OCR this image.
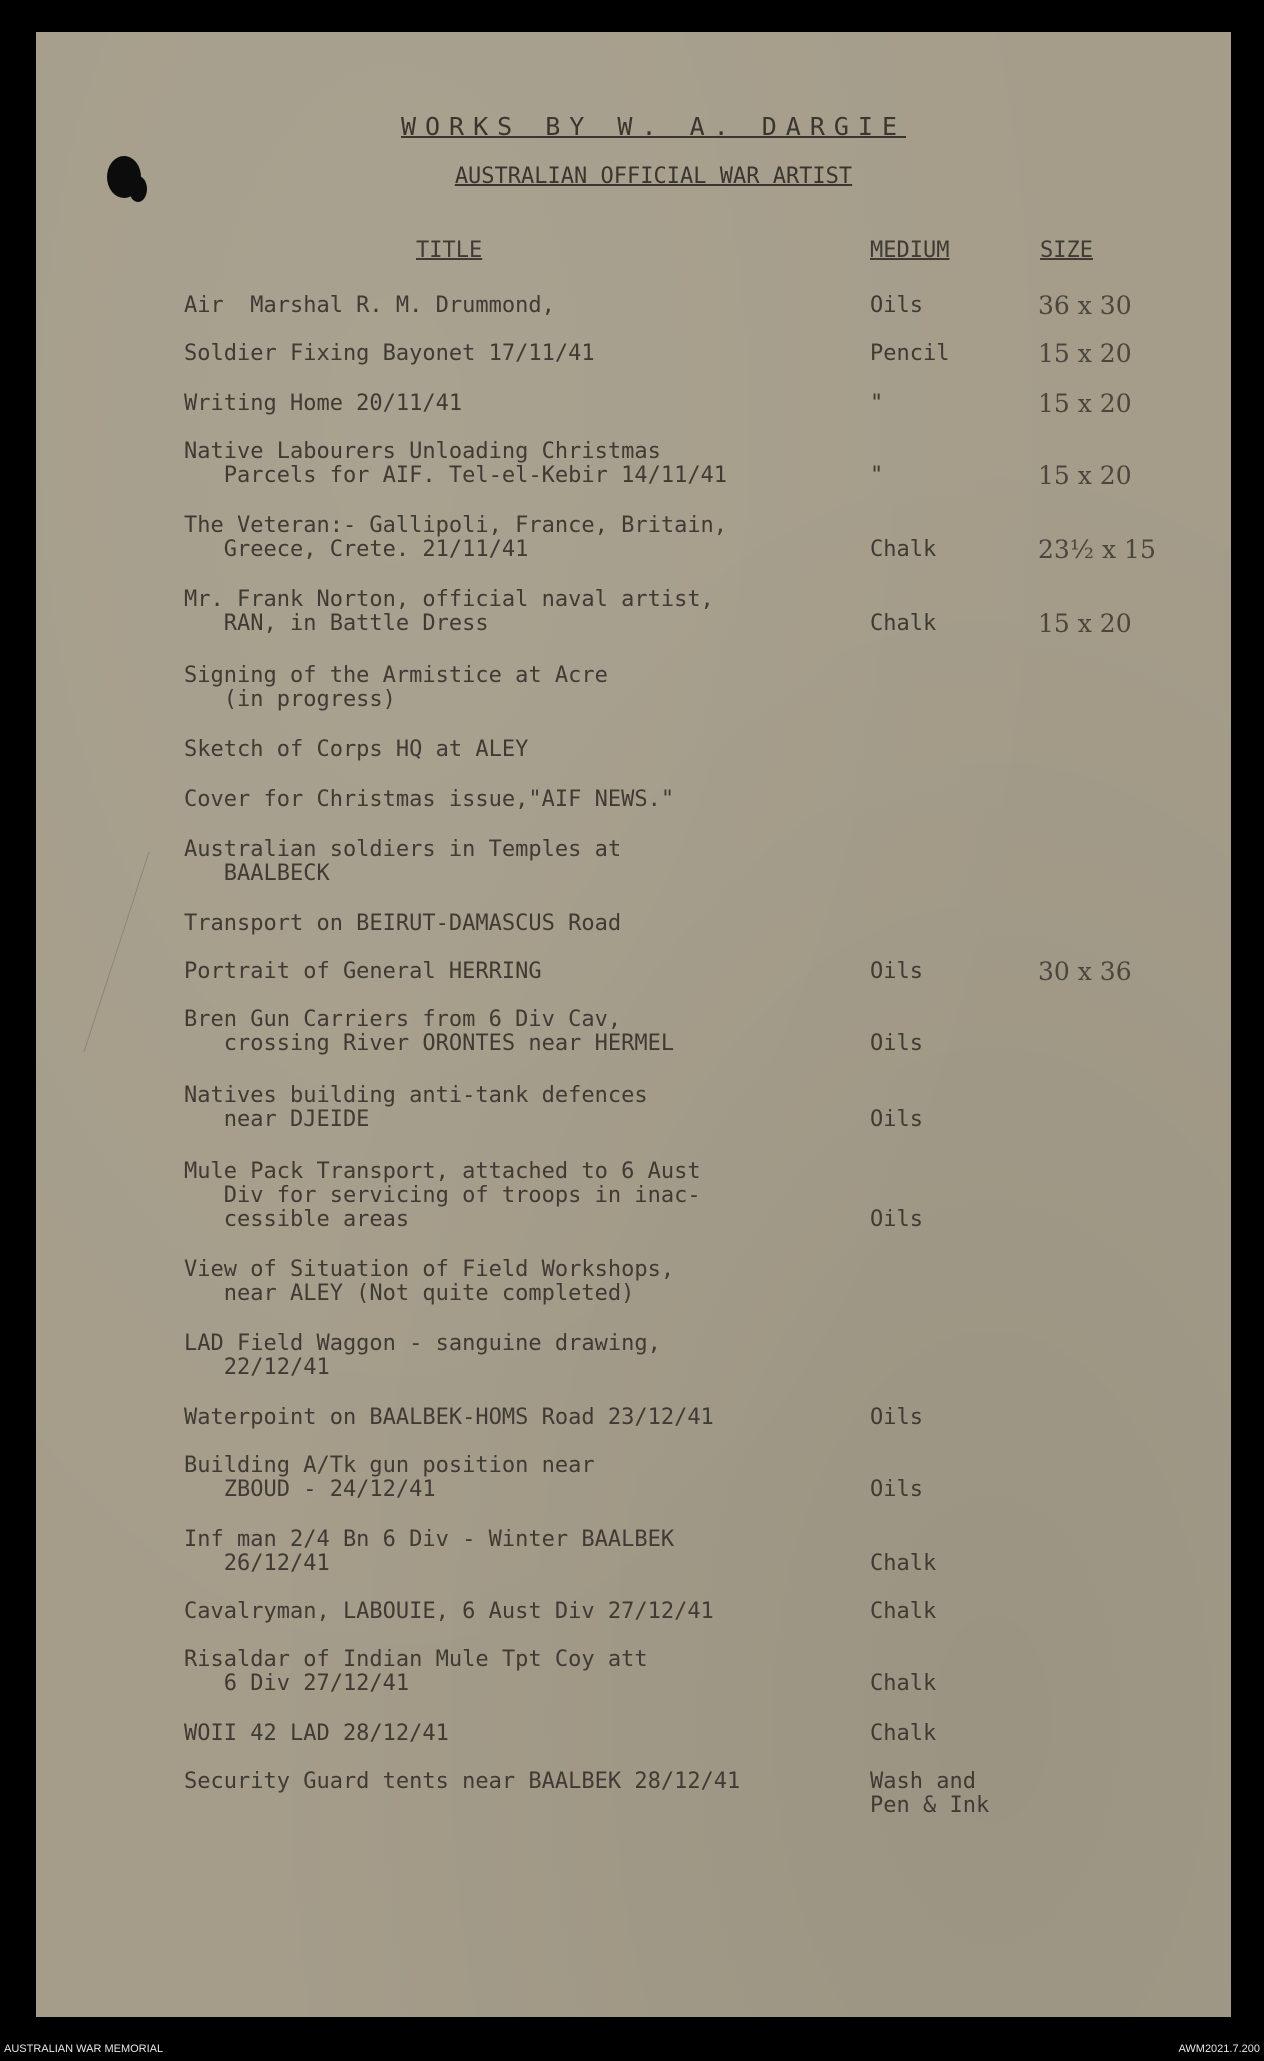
WORKS BY W. A. DARGIE
AUSTRALIAN OFFICIAL WAR ARTIST
TITLE	MEDIUM	SIZE
Air  Marshal R. M. Drummond,	Oils	36 x 30
Soldier Fixing Bayonet 17/11/41	Pencil	15 x 20
Writing Home 20/11/41	"	15 x 20
Native Labourers Unloading Christmas
Parcels for AIF. Tel-el-Kebir 14/11/41	"	15 x 20
The Veteran:- Gallipoli, France, Britain,
Greece, Crete. 21/11/41	Chalk	23½ x 15
Mr. Frank Norton, official naval artist,
RAN, in Battle Dress	Chalk	15 x 20
Signing of the Armistice at Acre
(in progress)
Sketch of Corps HQ at ALEY
Cover for Christmas issue,"AIF NEWS."
Australian soldiers in Temples at
BAALBECK
Transport on BEIRUT-DAMASCUS Road
Portrait of General HERRING	Oils	30 x 36
Bren Gun Carriers from 6 Div Cav,
crossing River ORONTES near HERMEL	Oils
Natives building anti-tank defences
near DJEIDE	Oils
Mule Pack Transport, attached to 6 Aust
Div for servicing of troops in inac-
cessible areas	Oils
View of Situation of Field Workshops,
near ALEY (Not quite completed)
LAD Field Waggon - sanguine drawing,
22/12/41
Waterpoint on BAALBEK-HOMS Road 23/12/41	Oils
Building A/Tk gun position near
ZBOUD - 24/12/41	Oils
Inf man 2/4 Bn 6 Div - Winter BAALBEK
26/12/41	Chalk
Cavalryman, LABOUIE, 6 Aust Div 27/12/41	Chalk
Risaldar of Indian Mule Tpt Coy att
6 Div 27/12/41	Chalk
WOII 42 LAD 28/12/41	Chalk
Security Guard tents near BAALBEK 28/12/41	Wash and
Pen & Ink
AUSTRALIAN WAR MEMORIAL	AWM2021.7.200
